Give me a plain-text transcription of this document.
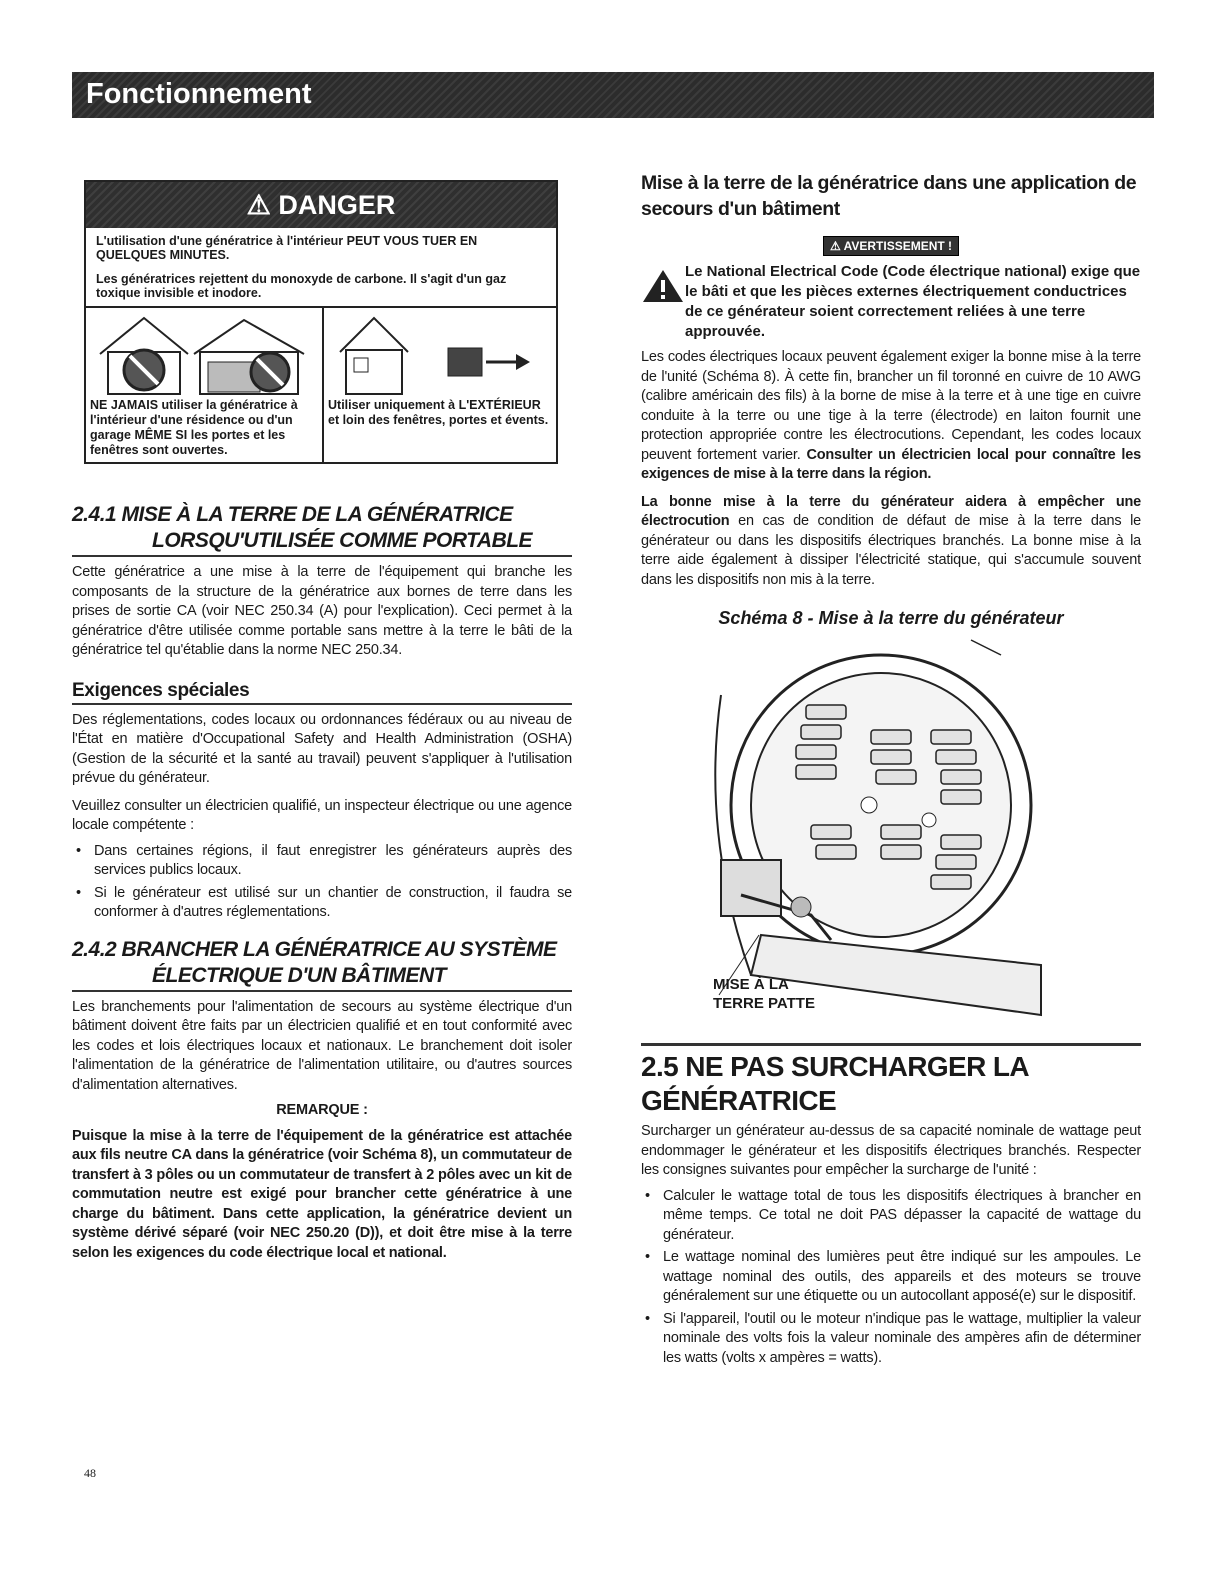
Fonctionnement
⚠ DANGER
L'utilisation d'une génératrice à l'intérieur PEUT VOUS TUER EN QUELQUES MINUTES.
Les génératrices rejettent du monoxyde de carbone. Il s'agit d'un gaz toxique invisible et inodore.
NE JAMAIS utiliser la génératrice à l'intérieur d'une résidence ou d'un garage MÊME SI les portes et les fenêtres sont ouvertes.
Utiliser uniquement à L'EXTÉRIEUR et loin des fenêtres, portes et évents.
2.4.1 MISE À LA TERRE DE LA GÉNÉRATRICE
LORSQU'UTILISÉE COMME PORTABLE

Cette génératrice a une mise à la terre de l'équipement qui branche les composants de la structure de la génératrice aux bornes de terre dans les prises de sortie CA (voir NEC 250.34 (A) pour l'explication). Ceci permet à la génératrice d'être utilisée comme portable sans mettre à la terre le bâti de la génératrice tel qu'établie dans la norme NEC 250.34.

Exigences spéciales

Des réglementations, codes locaux ou ordonnances fédéraux ou au niveau de l'État en matière d'Occupational Safety and Health Administration (OSHA) (Gestion de la sécurité et la santé au travail) peuvent s'appliquer à l'utilisation prévue du générateur.

Veuillez consulter un électricien qualifié, un inspecteur électrique ou une agence locale compétente :

• Dans certaines régions, il faut enregistrer les générateurs auprès des services publics locaux.
• Si le générateur est utilisé sur un chantier de construction, il faudra se conformer à d'autres réglementations.
2.4.2 BRANCHER LA GÉNÉRATRICE AU SYSTÈME
ÉLECTRIQUE D'UN BÂTIMENT

Les branchements pour l'alimentation de secours au système électrique d'un bâtiment doivent être faits par un électricien qualifié et en tout conformité avec les codes et lois électriques locaux et nationaux. Le branchement doit isoler l'alimentation de la génératrice de l'alimentation utilitaire, ou d'autres sources d'alimentation alternatives.

REMARQUE :

Puisque la mise à la terre de l'équipement de la génératrice est attachée aux fils neutre CA dans la génératrice (voir Schéma 8), un commutateur de transfert à 3 pôles ou un commutateur de transfert à 2 pôles avec un kit de commutation neutre est exigé pour brancher cette génératrice à une charge du bâtiment. Dans cette application, la génératrice devient un système dérivé séparé (voir NEC 250.20 (D)), et doit être mise à la terre selon les exigences du code électrique local et national.

Mise à la terre de la génératrice dans une application de secours d'un bâtiment
⚠ AVERTISSEMENT !
Le National Electrical Code (Code électrique national) exige que le bâti et que les pièces externes électriquement conductrices de ce générateur soient correctement reliées à une terre approuvée.

Les codes électriques locaux peuvent également exiger la bonne mise à la terre de l'unité (Schéma 8). À cette fin, brancher un fil toronné en cuivre de 10 AWG (calibre américain des fils) à la borne de mise à la terre et à une tige en cuivre conduite à la terre ou une tige à la terre (électrode) en laiton fournit une protection appropriée contre les électrocutions. Cependant, les codes locaux peuvent fortement varier. Consulter un électricien local pour connaître les exigences de mise à la terre dans la région.

La bonne mise à la terre du générateur aidera à empêcher une électrocution en cas de condition de défaut de mise à la terre dans le générateur ou dans les dispositifs électriques branchés. La bonne mise à la terre aide également à dissiper l'électricité statique, qui s'accumule souvent dans les dispositifs non mis à la terre.

Schéma 8 - Mise à la terre du générateur
MISE À LA
TERRE PATTE
2.5 NE PAS SURCHARGER LA GÉNÉRATRICE

Surcharger un générateur au-dessus de sa capacité nominale de wattage peut endommager le générateur et les dispositifs électriques branchés. Respecter les consignes suivantes pour empêcher la surcharge de l'unité :

• Calculer le wattage total de tous les dispositifs électriques à brancher en même temps. Ce total ne doit PAS dépasser la capacité de wattage du générateur.
• Le wattage nominal des lumières peut être indiqué sur les ampoules. Le wattage nominal des outils, des appareils et des moteurs se trouve généralement sur une étiquette ou un autocollant apposé(e) sur le dispositif.
• Si l'appareil, l'outil ou le moteur n'indique pas le wattage, multiplier la valeur nominale des volts fois la valeur nominale des ampères afin de déterminer les watts (volts x ampères = watts).
48
